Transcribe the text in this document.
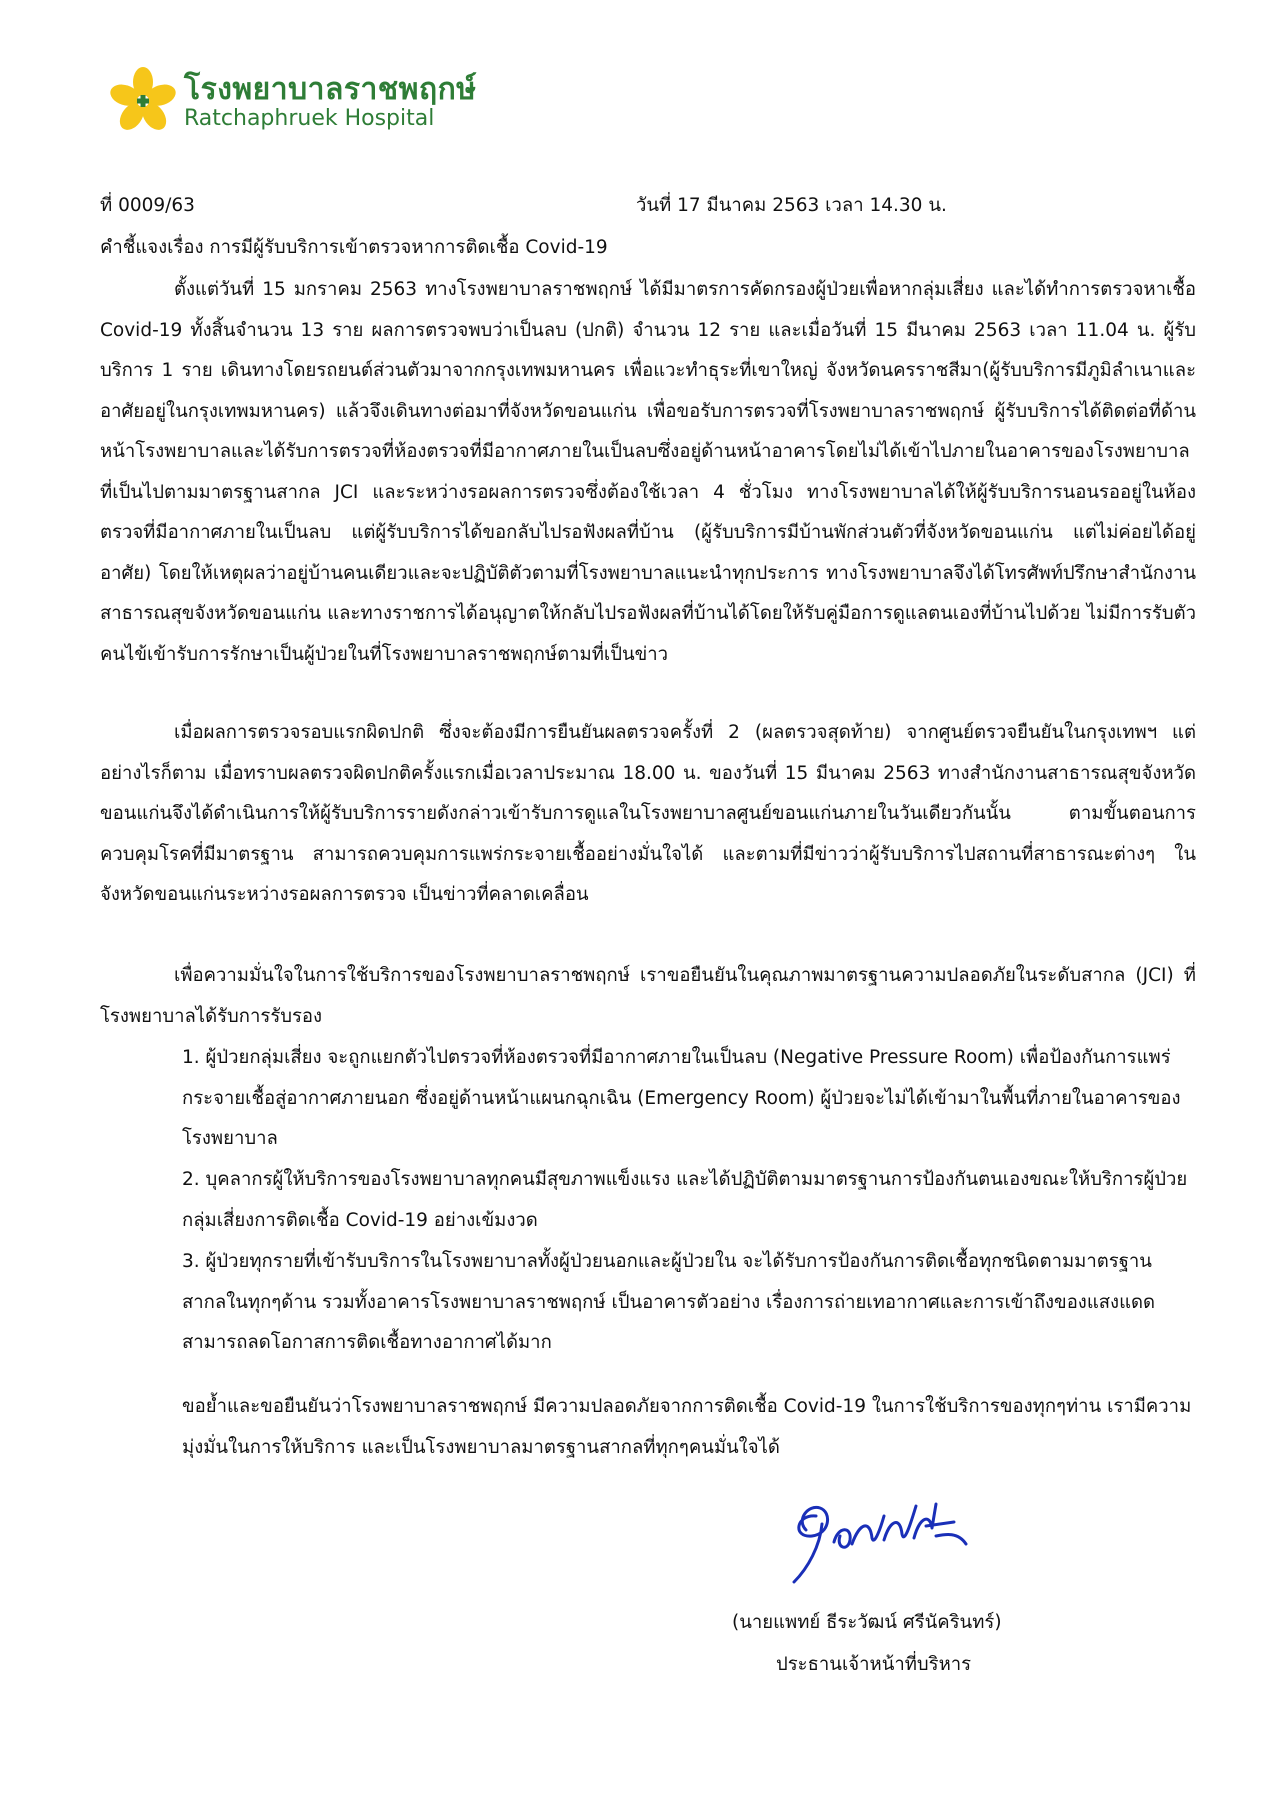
โรงพยาบาลราชพฤกษ์
Ratchaphruek Hospital
ที่ 0009/63	วันที่ 17 มีนาคม 2563 เวลา 14.30 น.
คำชี้แจงเรื่อง การมีผู้รับบริการเข้าตรวจหาการติดเชื้อ Covid-19

ตั้งแต่วันที่ 15 มกราคม 2563 ทางโรงพยาบาลราชพฤกษ์ ได้มีมาตรการคัดกรองผู้ป่วยเพื่อหากลุ่มเสี่ยง และได้ทำการตรวจหาเชื้อ Covid-19 ทั้งสิ้นจำนวน 13 ราย ผลการตรวจพบว่าเป็นลบ (ปกติ) จำนวน 12 ราย และเมื่อวันที่ 15 มีนาคม 2563 เวลา 11.04 น. ผู้รับบริการ 1 ราย เดินทางโดยรถยนต์ส่วนตัวมาจากกรุงเทพมหานคร เพื่อแวะทำธุระที่เขาใหญ่ จังหวัดนครราชสีมา(ผู้รับบริการมีภูมิลำเนาและอาศัยอยู่ในกรุงเทพมหานคร) แล้วจึงเดินทางต่อมาที่จังหวัดขอนแก่น เพื่อขอรับการตรวจที่โรงพยาบาลราชพฤกษ์ ผู้รับบริการได้ติดต่อที่ด้านหน้าโรงพยาบาลและได้รับการตรวจที่ห้องตรวจที่มีอากาศภายในเป็นลบซึ่งอยู่ด้านหน้าอาคารโดยไม่ได้เข้าไปภายในอาคารของโรงพยาบาลที่เป็นไปตามมาตรฐานสากล JCI และระหว่างรอผลการตรวจซึ่งต้องใช้เวลา 4 ชั่วโมง ทางโรงพยาบาลได้ให้ผู้รับบริการนอนรออยู่ในห้องตรวจที่มีอากาศภายในเป็นลบ แต่ผู้รับบริการได้ขอกลับไปรอฟังผลที่บ้าน (ผู้รับบริการมีบ้านพักส่วนตัวที่จังหวัดขอนแก่น แต่ไม่ค่อยได้อยู่อาศัย) โดยให้เหตุผลว่าอยู่บ้านคนเดียวและจะปฏิบัติตัวตามที่โรงพยาบาลแนะนำทุกประการ ทางโรงพยาบาลจึงได้โทรศัพท์ปรึกษาสำนักงานสาธารณสุขจังหวัดขอนแก่น และทางราชการได้อนุญาตให้กลับไปรอฟังผลที่บ้านได้โดยให้รับคู่มือการดูแลตนเองที่บ้านไปด้วย ไม่มีการรับตัวคนไข้เข้ารับการรักษาเป็นผู้ป่วยในที่โรงพยาบาลราชพฤกษ์ตามที่เป็นข่าว

เมื่อผลการตรวจรอบแรกผิดปกติ ซึ่งจะต้องมีการยืนยันผลตรวจครั้งที่ 2 (ผลตรวจสุดท้าย) จากศูนย์ตรวจยืนยันในกรุงเทพฯ แต่อย่างไรก็ตาม เมื่อทราบผลตรวจผิดปกติครั้งแรกเมื่อเวลาประมาณ 18.00 น. ของวันที่ 15 มีนาคม 2563 ทางสำนักงานสาธารณสุขจังหวัดขอนแก่นจึงได้ดำเนินการให้ผู้รับบริการรายดังกล่าวเข้ารับการดูแลในโรงพยาบาลศูนย์ขอนแก่นภายในวันเดียวกันนั้น ตามขั้นตอนการควบคุมโรคที่มีมาตรฐาน สามารถควบคุมการแพร่กระจายเชื้ออย่างมั่นใจได้ และตามที่มีข่าวว่าผู้รับบริการไปสถานที่สาธารณะต่างๆ ในจังหวัดขอนแก่นระหว่างรอผลการตรวจ เป็นข่าวที่คลาดเคลื่อน

เพื่อความมั่นใจในการใช้บริการของโรงพยาบาลราชพฤกษ์ เราขอยืนยันในคุณภาพมาตรฐานความปลอดภัยในระดับสากล (JCI) ที่โรงพยาบาลได้รับการรับรอง

1. ผู้ป่วยกลุ่มเสี่ยง จะถูกแยกตัวไปตรวจที่ห้องตรวจที่มีอากาศภายในเป็นลบ (Negative Pressure Room) เพื่อป้องกันการแพร่กระจายเชื้อสู่อากาศภายนอก ซึ่งอยู่ด้านหน้าแผนกฉุกเฉิน (Emergency Room) ผู้ป่วยจะไม่ได้เข้ามาในพื้นที่ภายในอาคารของโรงพยาบาล

2. บุคลากรผู้ให้บริการของโรงพยาบาลทุกคนมีสุขภาพแข็งแรง และได้ปฏิบัติตามมาตรฐานการป้องกันตนเองขณะให้บริการผู้ป่วยกลุ่มเสี่ยงการติดเชื้อ Covid-19 อย่างเข้มงวด

3. ผู้ป่วยทุกรายที่เข้ารับบริการในโรงพยาบาลทั้งผู้ป่วยนอกและผู้ป่วยใน จะได้รับการป้องกันการติดเชื้อทุกชนิดตามมาตรฐานสากลในทุกๆด้าน รวมทั้งอาคารโรงพยาบาลราชพฤกษ์ เป็นอาคารตัวอย่าง เรื่องการถ่ายเทอากาศและการเข้าถึงของแสงแดด สามารถลดโอกาสการติดเชื้อทางอากาศได้มาก

ขอย้ำและขอยืนยันว่าโรงพยาบาลราชพฤกษ์ มีความปลอดภัยจากการติดเชื้อ Covid-19 ในการใช้บริการของทุกๆท่าน เรามีความมุ่งมั่นในการให้บริการ และเป็นโรงพยาบาลมาตรฐานสากลที่ทุกๆคนมั่นใจได้

(นายแพทย์ ธีระวัฒน์ ศรีนัครินทร์)
ประธานเจ้าหน้าที่บริหาร
